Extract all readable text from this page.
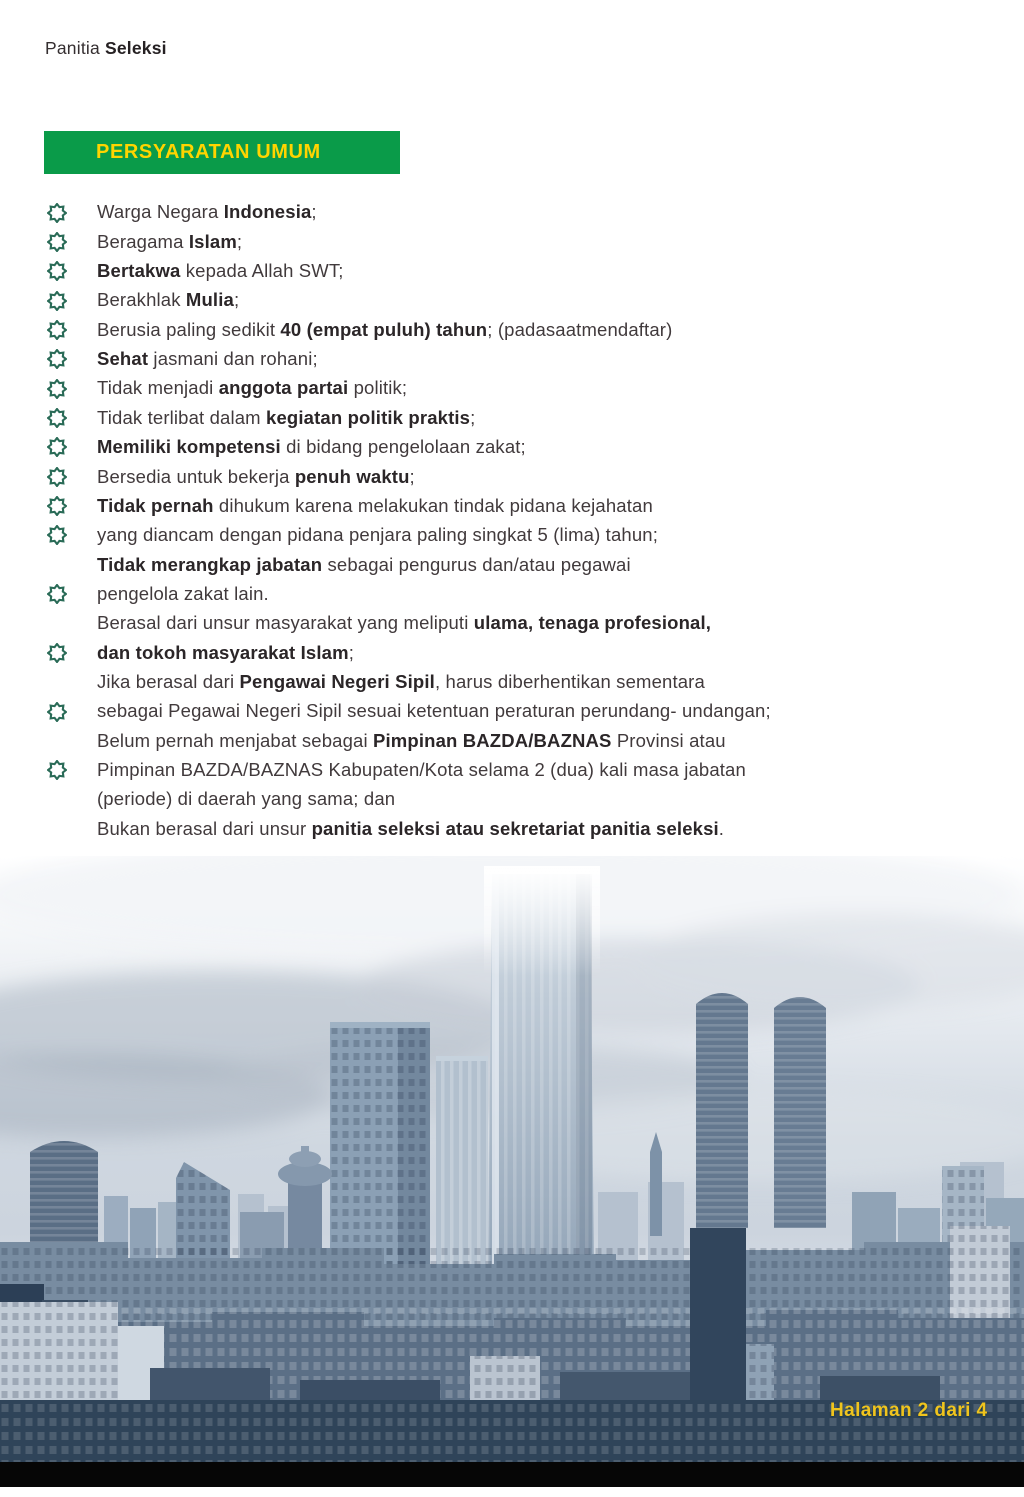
Panitia Seleksi
PERSYARATAN UMUM

Warga Negara Indonesia;

Beragama Islam;

Bertakwa kepada Allah SWT;

Berakhlak Mulia;

Berusia paling sedikit 40 (empat puluh) tahun; (padasaatmendaftar)

Sehat jasmani dan rohani;

Tidak menjadi anggota partai politik;

Tidak terlibat dalam kegiatan politik praktis;

Memiliki kompetensi di bidang pengelolaan zakat;

Bersedia untuk bekerja penuh waktu;

Tidak pernah dihukum karena melakukan tindak pidana kejahatan

yang diancam dengan pidana penjara paling singkat 5 (lima) tahun;

Tidak merangkap jabatan sebagai pengurus dan/atau pegawai

pengelola zakat lain.

Berasal dari unsur masyarakat yang meliputi ulama, tenaga profesional,

dan tokoh masyarakat Islam;

Jika berasal dari Pengawai Negeri Sipil, harus diberhentikan sementara

sebagai Pegawai Negeri Sipil sesuai ketentuan peraturan perundang- undangan;

Belum pernah menjabat sebagai Pimpinan BAZDA/BAZNAS Provinsi atau

Pimpinan BAZDA/BAZNAS Kabupaten/Kota selama 2 (dua) kali masa jabatan

(periode) di daerah yang sama; dan

Bukan berasal dari unsur panitia seleksi atau sekretariat panitia seleksi.

Halaman 2 dari 4
